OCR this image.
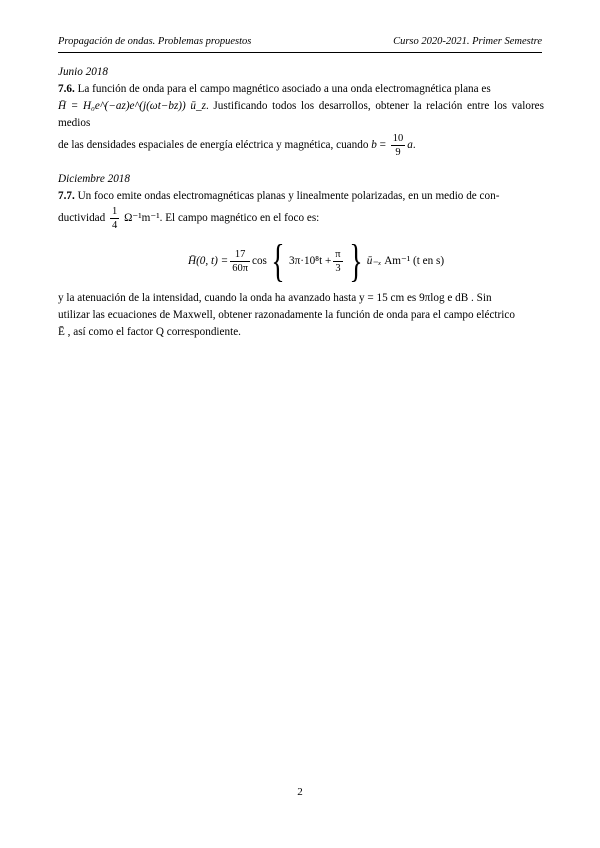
Propagación de ondas. Problemas propuestos	Curso 2020-2021. Primer Semestre
Junio 2018
7.6. La función de onda para el campo magnético asociado a una onda electromagnética plana es
H̄ = H₀e^(−az)e^(j(ωt−bz)) ū_z. Justificando todos los desarrollos, obtener la relación entre los valores medios
de las densidades espaciales de energía eléctrica y magnética, cuando $b = \frac{10}{9} a$.
Diciembre 2018
7.7. Un foco emite ondas electromagnéticas planas y linealmente polarizadas, en un medio de con-
ductividad $\frac{1}{4} \Omega^{-1}m^{-1}$. El campo magnético en el foco es:
H̄(0, $t) = \frac{17}{60\pi}$ cos { $3\pi\cdot 10^8t + \frac{\pi}{3}$ } ū₋ₓ
Am⁻¹ (t en s)
y la atenuación de la intensidad, cuando la onda ha avanzado hasta y = 15 cm es 9πlog e dB . Sin
utilizar las ecuaciones de Maxwell, obtener razonadamente la función de onda para el campo eléctrico
Ē , así como el factor Q correspondiente.
2
